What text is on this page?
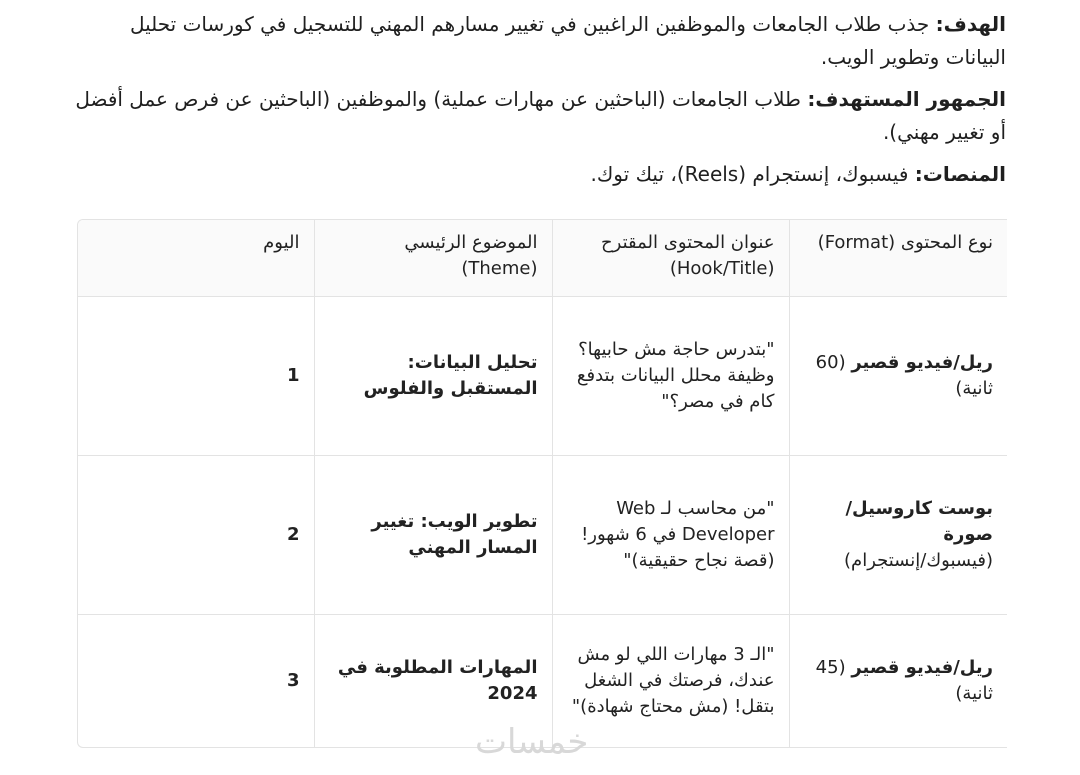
الهدف: جذب طلاب الجامعات والموظفين الراغبين في تغيير مسارهم المهني للتسجيل في كورسات تحليل البيانات وتطوير الويب.

الجمهور المستهدف: طلاب الجامعات (الباحثين عن مهارات عملية) والموظفين (الباحثين عن فرص عمل أفضل أو تغيير مهني).

المنصات: فيسبوك، إنستجرام (Reels)، تيك توك.

نوع المحتوى (Format)	عنوان المحتوى المقترح (Hook/Title)	الموضوع الرئيسي (Theme)	اليوم
ريل/فيديو قصير (60 ثانية)	"بتدرس حاجة مش حابيها؟ وظيفة محلل البيانات بتدفع كام في مصر؟"	تحليل البيانات: المستقبل والفلوس	1
بوست كاروسيل/صورة
(فيسبوك/إنستجرام)	"من محاسب لـ Web Developer في 6 شهور! (قصة نجاح حقيقية)"	تطوير الويب: تغيير المسار المهني	2
ريل/فيديو قصير (45 ثانية)	"الـ 3 مهارات اللي لو مش عندك، فرصتك في الشغل بتقل! (مش محتاج شهادة)"	المهارات المطلوبة في 2024	3
خمسات
